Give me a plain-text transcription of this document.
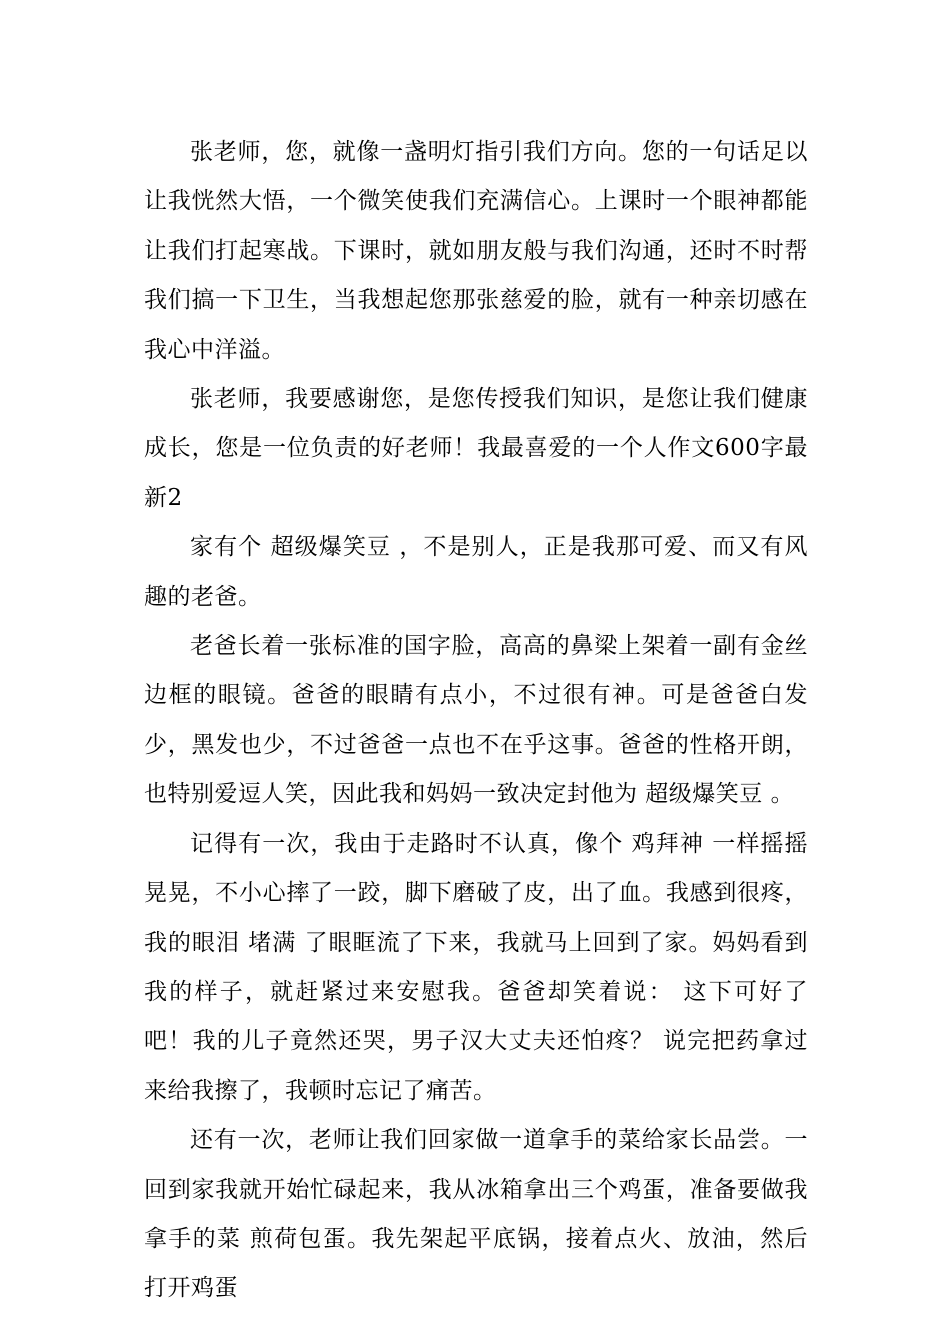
张老师，您，就像一盏明灯指引我们方向。您的一句话足以让我恍然大悟，一个微笑使我们充满信心。上课时一个眼神都能让我们打起寒战。下课时，就如朋友般与我们沟通，还时不时帮我们搞一下卫生，当我想起您那张慈爱的脸，就有一种亲切感在我心中洋溢。

张老师，我要感谢您，是您传授我们知识，是您让我们健康成长，您是一位负责的好老师！我最喜爱的一个人作文600字最新2

家有个 超级爆笑豆 ，不是别人，正是我那可爱、而又有风趣的老爸。

老爸长着一张标准的国字脸，高高的鼻梁上架着一副有金丝边框的眼镜。爸爸的眼睛有点小，不过很有神。可是爸爸白发少，黑发也少，不过爸爸一点也不在乎这事。爸爸的性格开朗，也特别爱逗人笑，因此我和妈妈一致决定封他为 超级爆笑豆 。

记得有一次，我由于走路时不认真，像个 鸡拜神 一样摇摇晃晃，不小心摔了一跤，脚下磨破了皮，出了血。我感到很疼，我的眼泪 堵满 了眼眶流了下来，我就马上回到了家。妈妈看到我的样子，就赶紧过来安慰我。爸爸却笑着说： 这下可好了吧！我的儿子竟然还哭，男子汉大丈夫还怕疼？ 说完把药拿过来给我擦了，我顿时忘记了痛苦。

还有一次，老师让我们回家做一道拿手的菜给家长品尝。一回到家我就开始忙碌起来，我从冰箱拿出三个鸡蛋，准备要做我拿手的菜 煎荷包蛋。我先架起平底锅，接着点火、放油，然后打开鸡蛋
